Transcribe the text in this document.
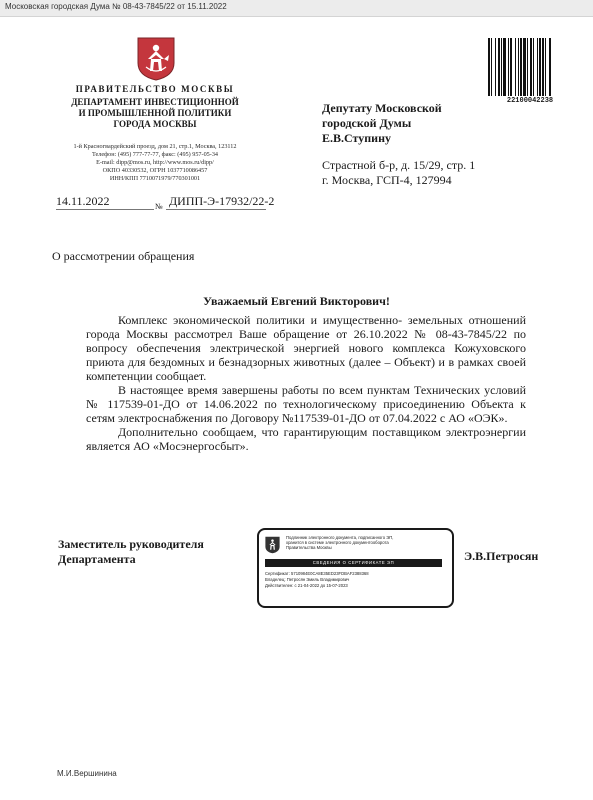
Московская городская Дума № 08-43-7845/22 от 15.11.2022
ПРАВИТЕЛЬСТВО МОСКВЫ
ДЕПАРТАМЕНТ ИНВЕСТИЦИОННОЙ
И ПРОМЫШЛЕННОЙ ПОЛИТИКИ
ГОРОДА МОСКВЫ
1-й Красногвардейский проезд, дом 21, стр.1, Москва, 123112
Телефон: (495) 777-77-77, факс: (495) 957-05-34
E-mail: dipp@mos.ru, http://www.mos.ru/dipp/
ОКПО 40330532, ОГРН 1037710086457
ИНН/КПП 7710071979/770301001
14.11.2022	№ ДИПП-Э-17932/22-2
22100042238
Депутату Московской
городской Думы
Е.В.Ступину
Страстной б-р, д. 15/29, стр. 1
г. Москва, ГСП-4, 127994
О рассмотрении обращения
Уважаемый Евгений Викторович!

Комплекс экономической политики и имущественно- земельных отношений города Москвы рассмотрел Ваше обращение от 26.10.2022 № 08-43-7845/22 по вопросу обеспечения электрической энергией нового комплекса Кожуховского приюта для бездомных и безнадзорных животных (далее – Объект) и в рамках своей компетенции сообщает.

В настоящее время завершены работы по всем пунктам Технических условий № 117539-01-ДО от 14.06.2022 по технологическому присоединению Объекта к сетям электроснабжения по Договору №117539-01-ДО от 07.04.2022 с АО «ОЭК».

Дополнительно сообщаем, что гарантирующим поставщиком электроэнергии является АО «Мосэнергосбыт».

Заместитель руководителя
Департамента
Подлинник электронного документа, подписанного ЭП,
хранится в системе электронного документооборота
Правительства Москвы
СВЕДЕНИЯ О СЕРТИФИКАТЕ ЭП
Сертификат: 5710984E0CA8E35ED23FDBAF2388368
Владелец: Петросян Эмиль Владимирович
Действителен: с 21-04-2022 до 15-07-2023
Э.В.Петросян
М.И.Вершинина
